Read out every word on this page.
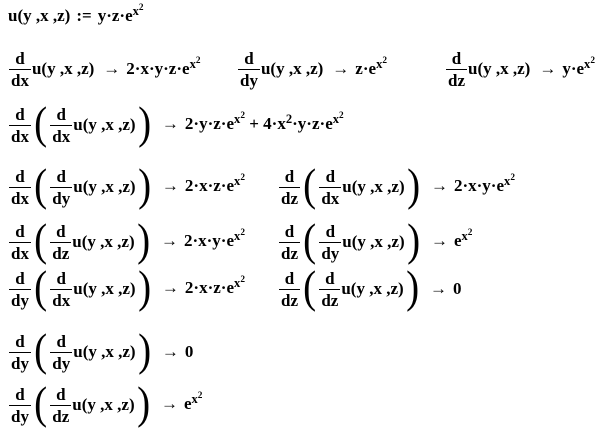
u(y ,x ,z) := $y\cdot z\cdot e^{x^2}$
$\frac{d}{dx} u(y$ ,x $,z) \to 2\cdot x\cdot y\cdot z\cdot e^{x^2} \frac{d}{dy} u(y$ ,x $,z) \to z\cdot e^{x^2}$	$\frac{d}{dz} u(y$ ,x $,z) \to y\cdot e^{x^2}$
$\frac{d}{dx}$ ( $\frac{d}{dx} u(y$ ,x ,z) ) → $2\cdot y\cdot z\cdot e^{x^2} + 4\cdot x^2\cdot y\cdot z\cdot e^{x^2}$
$\frac{d}{dx}$ ( $\frac{d}{dy} u(y$ ,x ,z) ) → $2\cdot x\cdot z\cdot e^{x^2} \frac{d}{dz}$ ( $\frac{d}{dx} u(y$ ,x ,z) ) → $2\cdot x\cdot y\cdot e^{x^2}$
$\frac{d}{dx}$ ( $\frac{d}{dz} u(y$ ,x ,z) ) → $2\cdot x\cdot y\cdot e^{x^2} \frac{d}{dz}$ ( $\frac{d}{dy} u(y$ ,x ,z) ) → $e^{x^2}$
$\frac{d}{dy}$ ( $\frac{d}{dx} u(y$ ,x ,z) ) → $2\cdot x\cdot z\cdot e^{x^2} \frac{d}{dz}$ ( $\frac{d}{dz} u(y$ ,x ,z) ) → 0
$\frac{d}{dy}$ ( $\frac{d}{dy} u(y$ ,x ,z) ) → 0
$\frac{d}{dy}$ ( $\frac{d}{dz} u(y$ ,x ,z) ) → $e^{x^2}$
